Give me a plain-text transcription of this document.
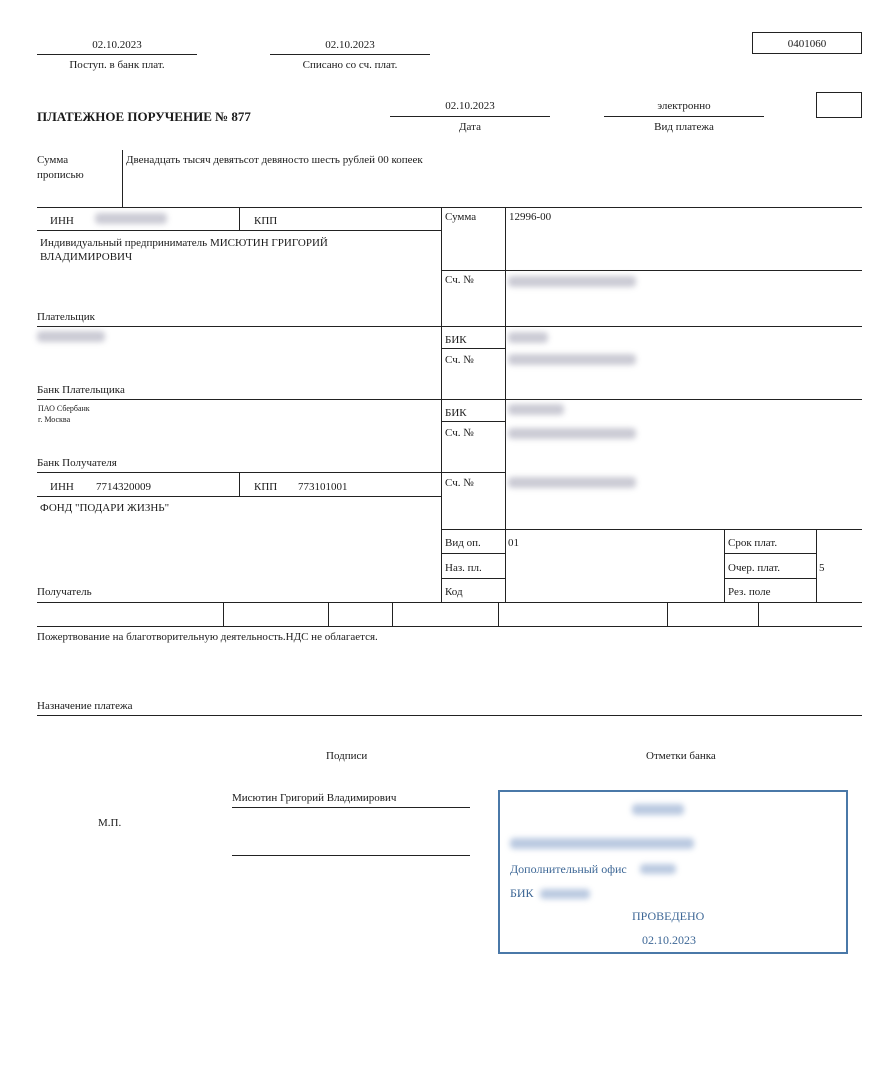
02.10.2023
Поступ. в банк плат.
02.10.2023
Списано со сч. плат.
0401060
ПЛАТЕЖНОЕ ПОРУЧЕНИЕ № 877
02.10.2023
Дата
электронно
Вид платежа
Сумма
прописью
Двенадцать тысяч девятьсот девяносто шесть рублей 00 копеек
ИНН	КПП
Индивидуальный предприниматель МИСЮТИН ГРИГОРИЙ
ВЛАДИМИРОВИЧ
Плательщик
Банк Плательщика
ПАО Сбербанк
г. Москва
Банк Получателя
ИНН 7714320009	КПП 773101001
ФОНД "ПОДАРИ ЖИЗНЬ"
Получатель
Сумма	12996-00
Сч. №
БИК
Сч. №
БИК
Сч. №
Сч. №
Вид оп. 01
Наз. пл.
Код
Срок плат.
Очер. плат.	5
Рез. поле
Пожертвование на благотворительную деятельность.НДС не облагается.
Назначение платежа
Подписи	Отметки банка
Мисютин Григорий Владимирович
М.П.
Дополнительный офис
БИК
ПРОВЕДЕНО
02.10.2023
